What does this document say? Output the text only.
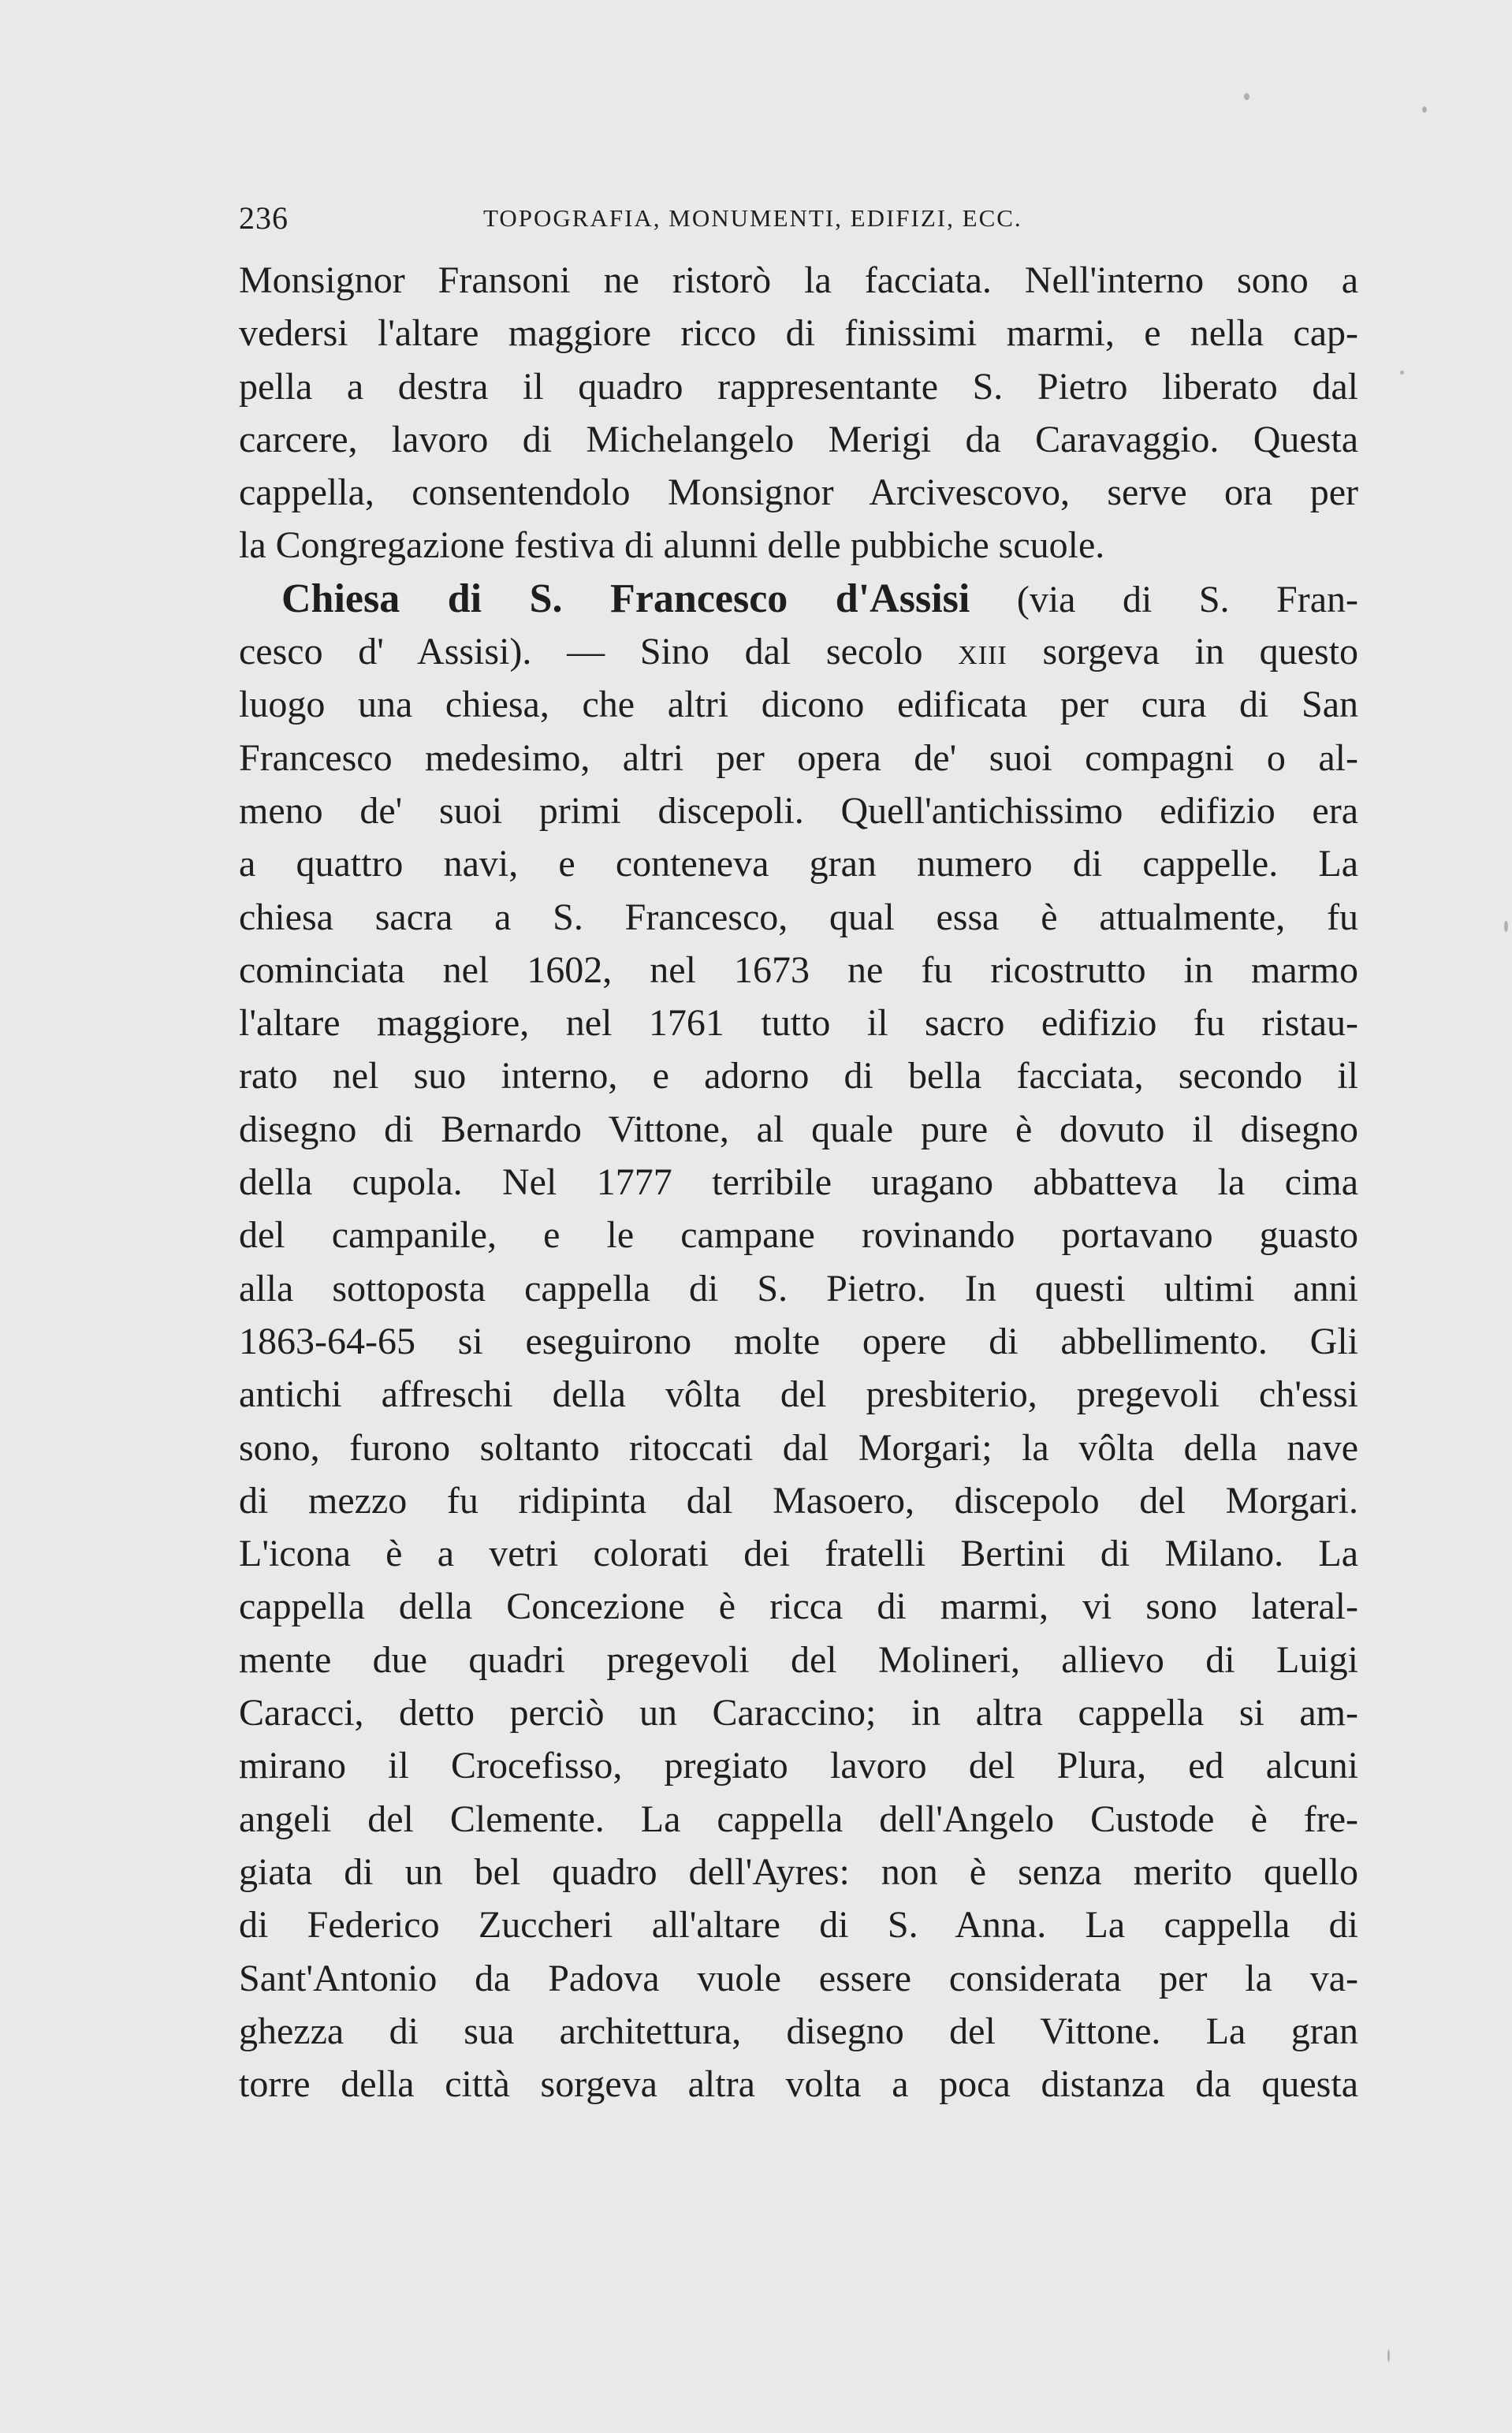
236	TOPOGRAFIA, MONUMENTI, EDIFIZI, ECC.
Monsignor Fransoni ne ristorò la facciata. Nell'interno sono a
vedersi l'altare maggiore ricco di finissimi marmi, e nella cap-
pella a destra il quadro rappresentante S. Pietro liberato dal
carcere, lavoro di Michelangelo Merigi da Caravaggio. Questa
cappella, consentendolo Monsignor Arcivescovo, serve ora per
la Congregazione festiva di alunni delle pubbiche scuole.
Chiesa di S. Francesco d'Assisi (via di S. Fran-
cesco d' Assisi). — Sino dal secolo XIII sorgeva in questo
luogo una chiesa, che altri dicono edificata per cura di San
Francesco medesimo, altri per opera de' suoi compagni o al-
meno de' suoi primi discepoli. Quell'antichissimo edifizio era
a quattro navi, e conteneva gran numero di cappelle. La
chiesa sacra a S. Francesco, qual essa è attualmente, fu
cominciata nel 1602, nel 1673 ne fu ricostrutto in marmo
l'altare maggiore, nel 1761 tutto il sacro edifizio fu ristau-
rato nel suo interno, e adorno di bella facciata, secondo il
disegno di Bernardo Vittone, al quale pure è dovuto il disegno
della cupola. Nel 1777 terribile uragano abbatteva la cima
del campanile, e le campane rovinando portavano guasto
alla sottoposta cappella di S. Pietro. In questi ultimi anni
1863-64-65 si eseguirono molte opere di abbellimento. Gli
antichi affreschi della vôlta del presbiterio, pregevoli ch'essi
sono, furono soltanto ritoccati dal Morgari; la vôlta della nave
di mezzo fu ridipinta dal Masoero, discepolo del Morgari.
L'icona è a vetri colorati dei fratelli Bertini di Milano. La
cappella della Concezione è ricca di marmi, vi sono lateral-
mente due quadri pregevoli del Molineri, allievo di Luigi
Caracci, detto perciò un Caraccino; in altra cappella si am-
mirano il Crocefisso, pregiato lavoro del Plura, ed alcuni
angeli del Clemente. La cappella dell'Angelo Custode è fre-
giata di un bel quadro dell'Ayres: non è senza merito quello
di Federico Zuccheri all'altare di S. Anna. La cappella di
Sant'Antonio da Padova vuole essere considerata per la va-
ghezza di sua architettura, disegno del Vittone. La gran
torre della città sorgeva altra volta a poca distanza da questa
